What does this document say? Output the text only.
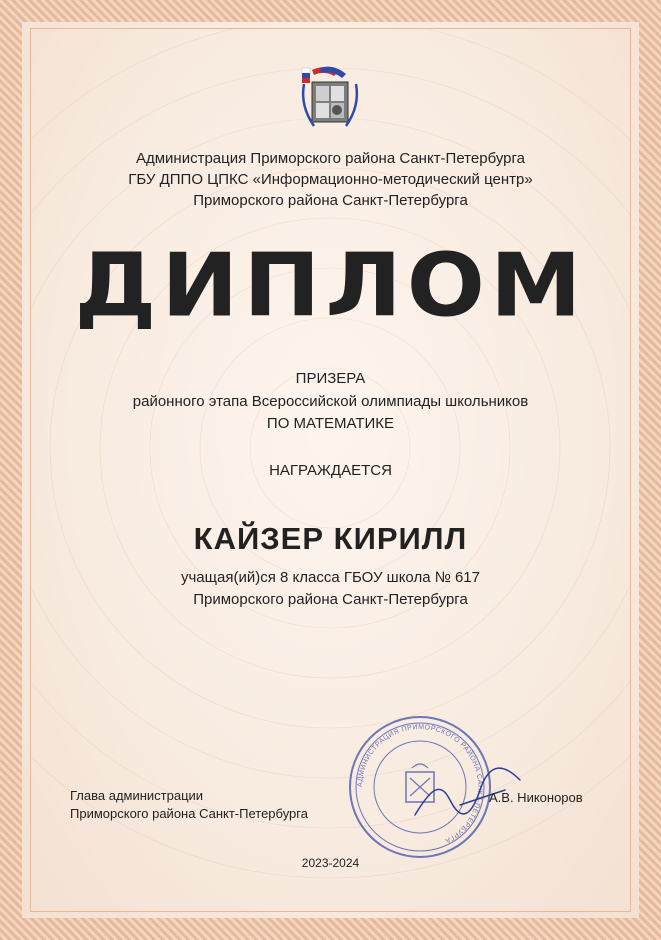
Администрация Приморского района Санкт-Петербурга
ГБУ ДППО ЦПКС «Информационно-методический центр»
Приморского района Санкт-Петербурга
ДИПЛОМ
ПРИЗЕРА
районного этапа Всероссийской олимпиады школьников
ПО МАТЕМАТИКЕ
НАГРАЖДАЕТСЯ
КАЙЗЕР КИРИЛЛ
учащая(ий)ся 8 класса ГБОУ школа № 617
Приморского района Санкт-Петербурга
АДМИНИСТРАЦИЯ ПРИМОРСКОГО РАЙОНА САНКТ-ПЕТЕРБУРГА
Глава администрации
Приморского района Санкт-Петербурга
А.В. Никоноров
2023-2024
